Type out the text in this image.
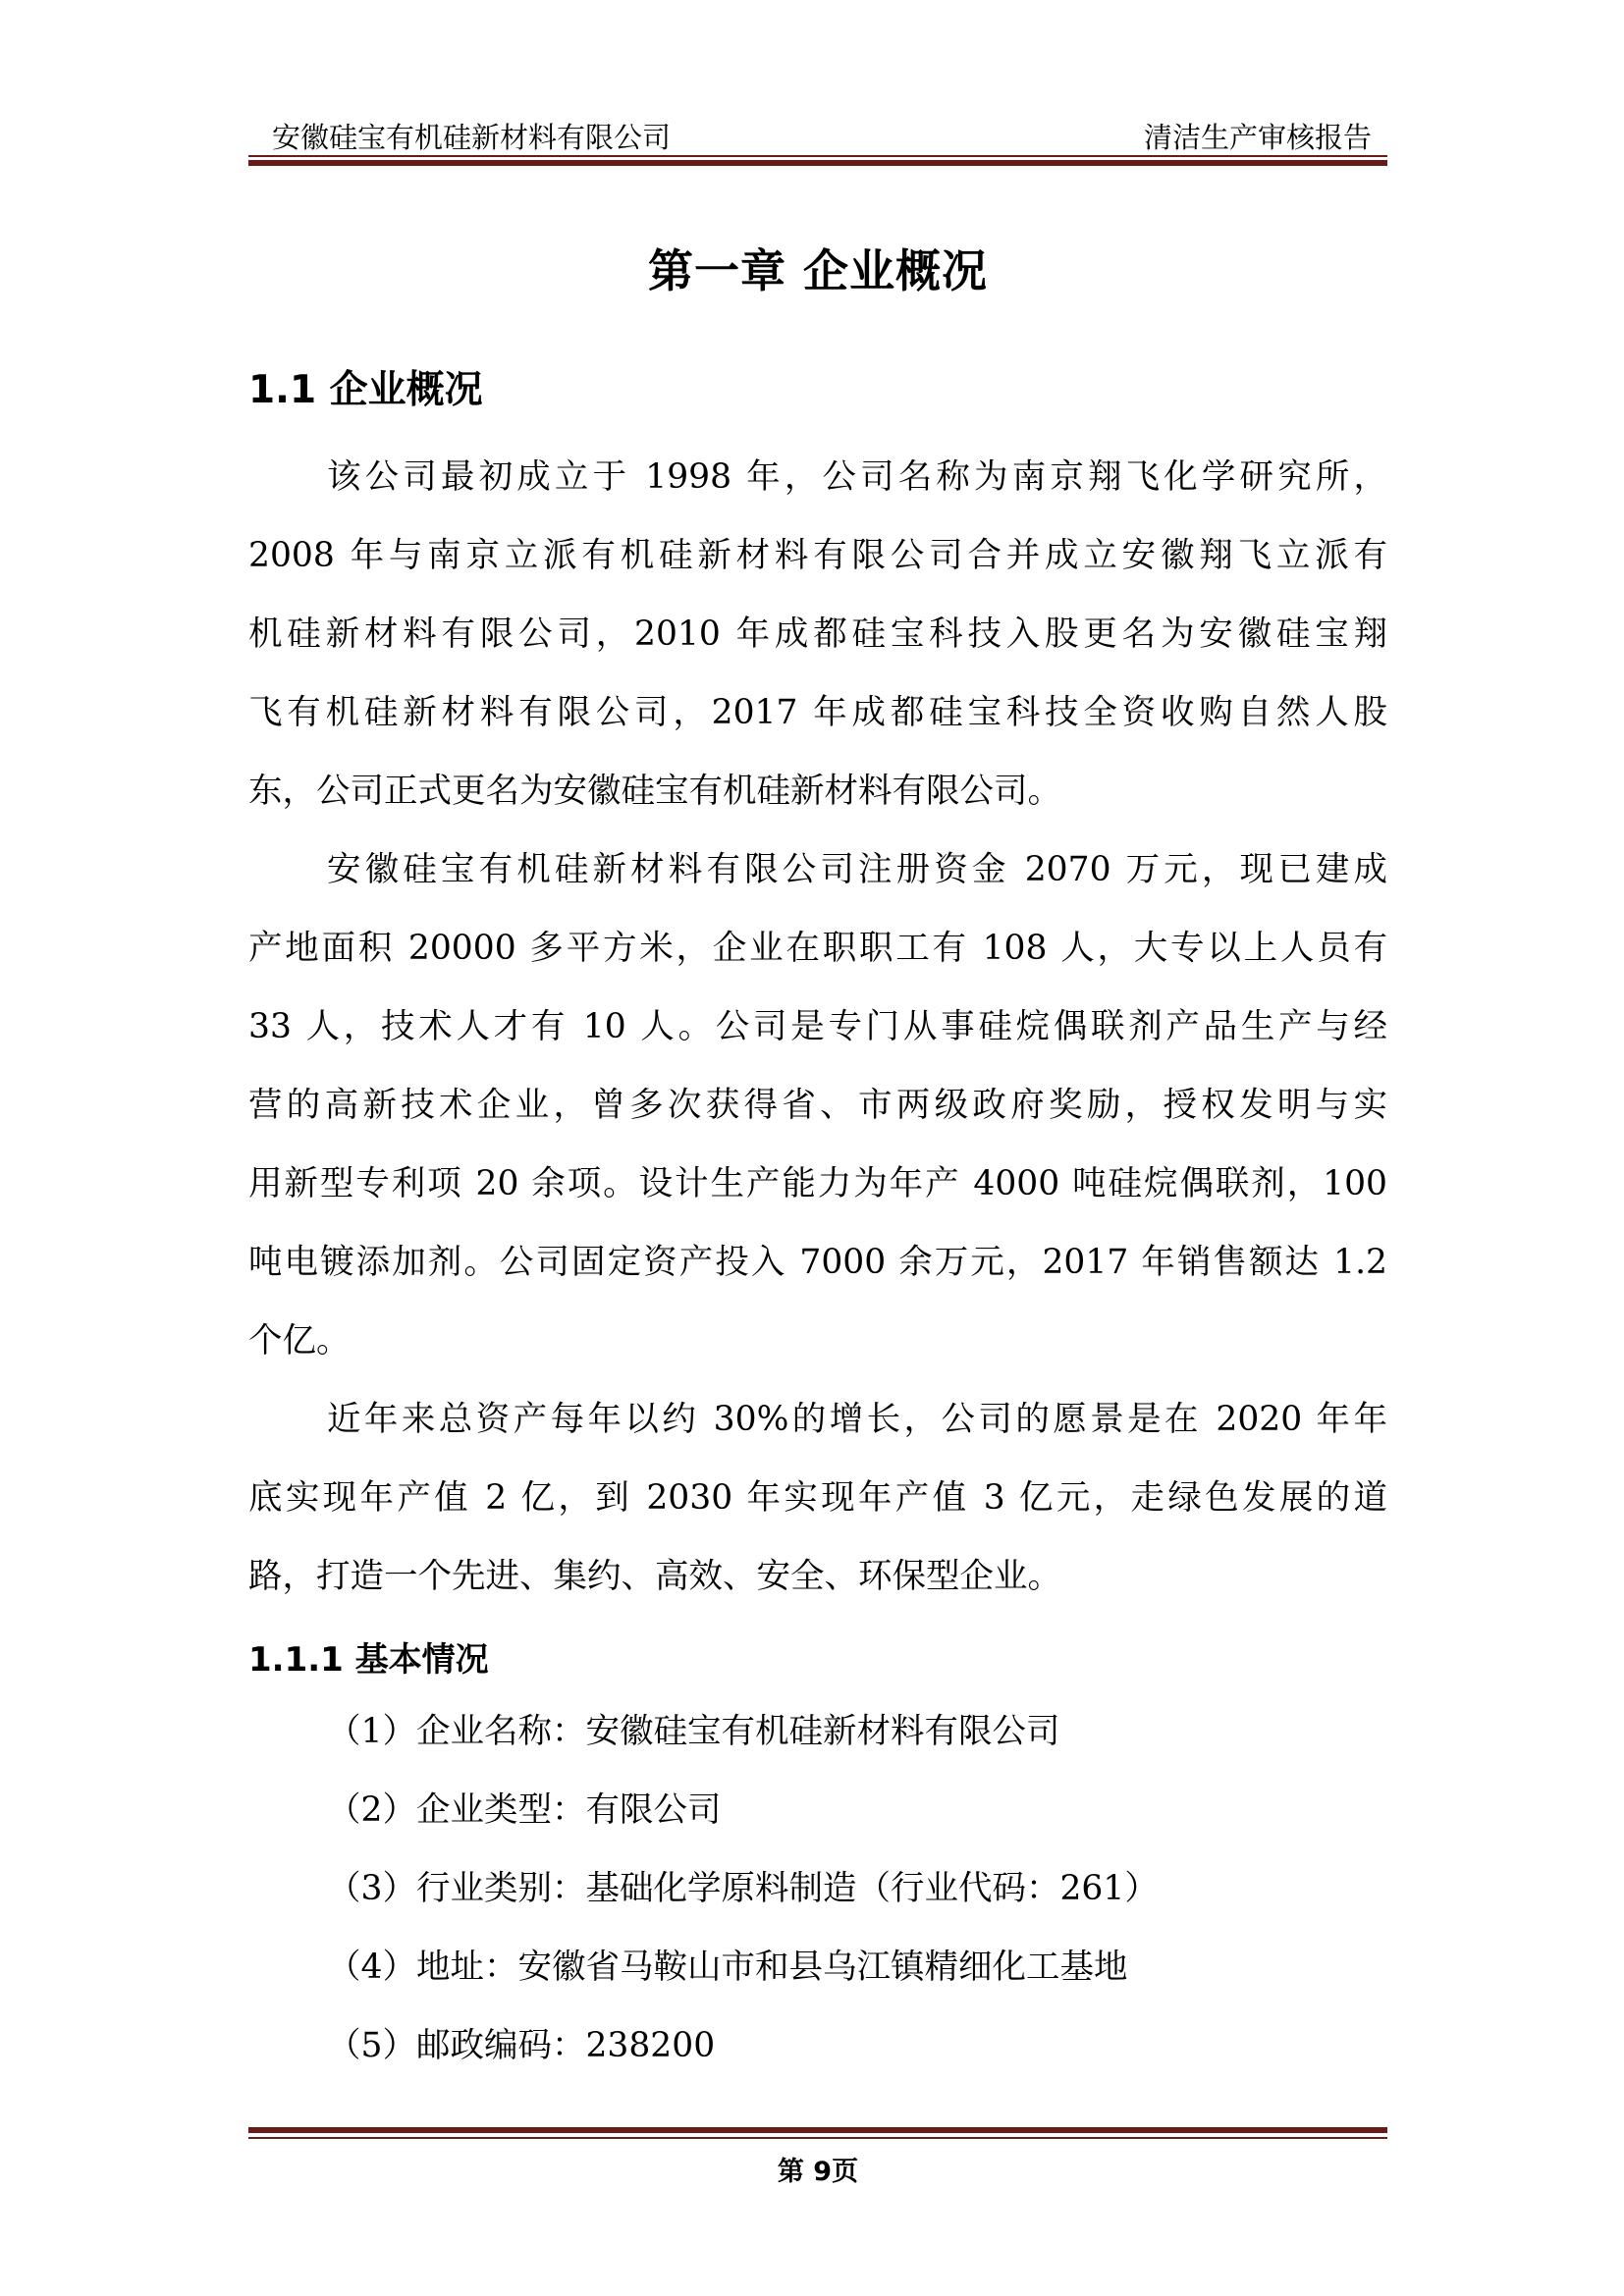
安徽硅宝有机硅新材料有限公司	清洁生产审核报告
第一章 企业概况
1.1 企业概况
该公司最初成立于 1998 年，公司名称为南京翔飞化学研究所，
2008 年与南京立派有机硅新材料有限公司合并成立安徽翔飞立派有
机硅新材料有限公司，2010 年成都硅宝科技入股更名为安徽硅宝翔
飞有机硅新材料有限公司，2017 年成都硅宝科技全资收购自然人股
东，公司正式更名为安徽硅宝有机硅新材料有限公司。
安徽硅宝有机硅新材料有限公司注册资金 2070 万元，现已建成
产地面积 20000 多平方米，企业在职职工有 108 人，大专以上人员有
33 人，技术人才有 10 人。公司是专门从事硅烷偶联剂产品生产与经
营的高新技术企业，曾多次获得省、市两级政府奖励，授权发明与实
用新型专利项 20 余项。设计生产能力为年产 4000 吨硅烷偶联剂，100
吨电镀添加剂。公司固定资产投入 7000 余万元，2017 年销售额达 1.2
个亿。
近年来总资产每年以约 30%的增长，公司的愿景是在 2020 年年
底实现年产值 2 亿，到 2030 年实现年产值 3 亿元，走绿色发展的道
路，打造一个先进、集约、高效、安全、环保型企业。
1.1.1 基本情况
（1）企业名称：安徽硅宝有机硅新材料有限公司
（2）企业类型：有限公司
（3）行业类别：基础化学原料制造（行业代码：261）
（4）地址：安徽省马鞍山市和县乌江镇精细化工基地
（5）邮政编码：238200
第 9页
